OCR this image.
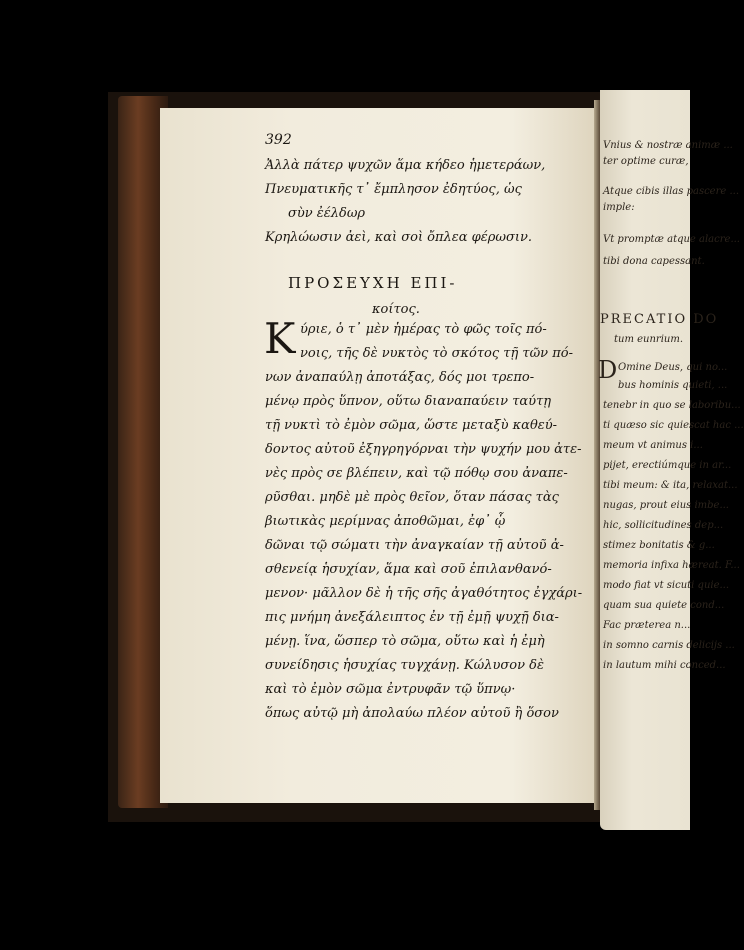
392
Ἀλλὰ πάτερ ψυχῶν ἅμα κήδεο ἡμετεράων,
Πνευματικῆς τ᾽ ἔμπλησον ἐδητύος, ὡς
σὺν ἐέλδωρ
Κρηλώωσιν ἀεὶ, καὶ σοὶ ὄπλεα φέρωσιν.
ΠΡΟΣΕΥΧΗ ΕΠΙ-
κοίτος.
K ύριε, ὁ τ᾽ μὲν ἡμέρας τὸ φῶς τοῖς πό-
νοις, τῆς δὲ νυκτὸς τὸ σκότος τῇ τῶν πό-
νων ἀναπαύλῃ ἀποτάξας, δός μοι τρεπο-
μένῳ πρὸς ὕπνον, οὕτω διαναπαύειν ταύτῃ
τῇ νυκτὶ τὸ ἐμὸν σῶμα, ὥστε μεταξὺ καθεύ-
δοντος αὐτοῦ ἐξηγρηγόρναι τὴν ψυχήν μου ἀτε-
νὲς πρὸς σε βλέπειν, καὶ τῷ πόθῳ σου ἀναπε-
ρῦσθαι. μηδὲ μὲ πρὸς θεῖον, ὅταν πάσας τὰς
βιωτικὰς μερίμνας ἀποθῶμαι, ἐφ᾽ ᾧ
δῶναι τῷ σώματι τὴν ἀναγκαίαν τῇ αὐτοῦ ἀ-
σθενείᾳ ἡσυχίαν, ἅμα καὶ σοῦ ἐπιλανθανό-
μενον· μᾶλλον δὲ ἡ τῆς σῆς ἀγαθότητος ἐγχάρι-
πις μνήμη ἀνεξάλειπτος ἐν τῇ ἐμῇ ψυχῇ δια-
μένῃ. ἵνα, ὥσπερ τὸ σῶμα, οὕτω καὶ ἡ ἐμὴ
συνείδησις ἡσυχίας τυγχάνῃ. Κώλυσον δὲ
καὶ τὸ ἐμὸν σῶμα ἐντρυφᾶν τῷ ὕπνῳ·
ὅπως αὐτῷ μὴ ἀπολαύω πλέον αὐτοῦ ἢ ὅσον
Vnius & nostræ animæ ...
ter optime curæ,
Atque cibis illas pascere ...
imple:
Vt promptæ atque alacre...
tibi dona capessant.
PRECATIO DO
tum eunrium.
D Omine Deus, qui no...
bus hominis quieti, ...
tenebr in quo se laboribu...
ti quæso sic quiescat hac ...
meum vt animus i...
pijet, erectiúmque in ar...
tibi meum: & ita, relaxat...
nugas, prout eius imbe...
hic, sollicitudines dep...
stimez bonitatis & g...
memoria infixa hæreat. F...
modo fiat vt sicuti quie...
quam sua quiete cond...
Fac præterea n...
in somno carnis delicijs ...
in lautum mihi conced...
